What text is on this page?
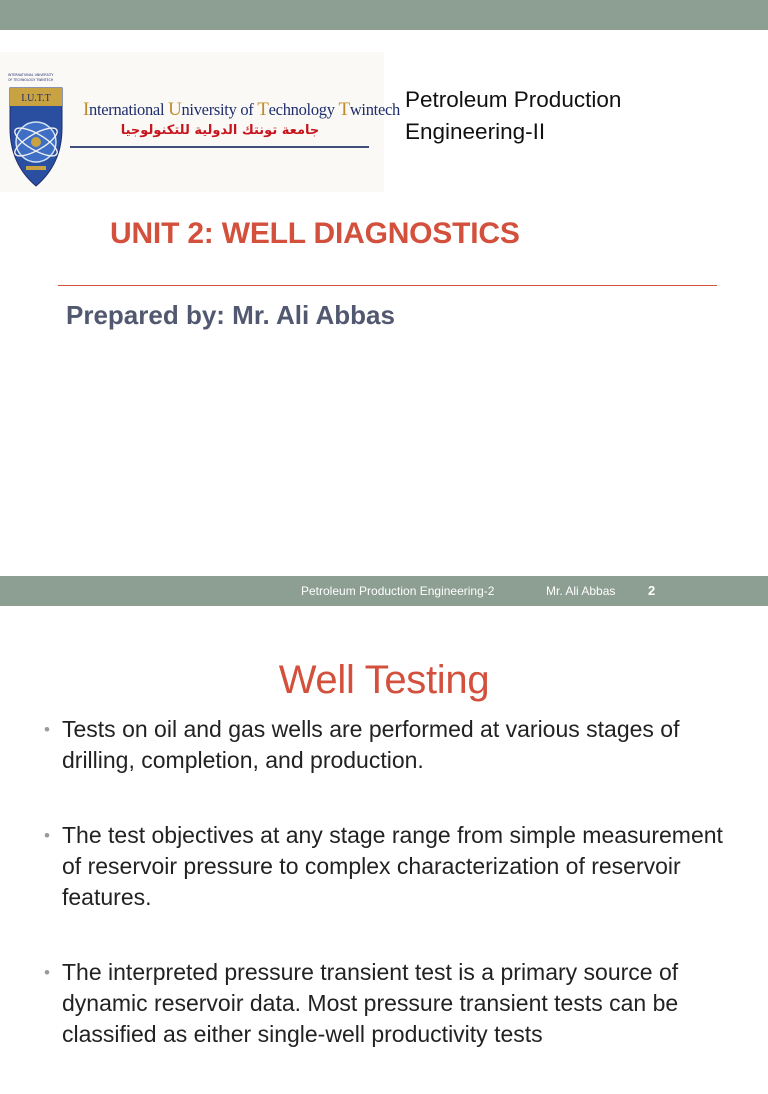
INTERNATIONAL UNIVERSITY
OF TECHNOLOGY TWINTECH
I.U.T.T
International University of Technology Twintech
جامعة تونتك الدولية للتكنولوجيا
Petroleum Production Engineering-II
UNIT 2: WELL DIAGNOSTICS
Prepared by: Mr. Ali Abbas
Petroleum Production Engineering-2	Mr. Ali Abbas	2
Well Testing
• Tests on oil and gas wells are performed at various stages of drilling, completion, and production.
• The test objectives at any stage range from simple measurement of reservoir pressure to complex characterization of reservoir features.
• The interpreted pressure transient test is a primary source of dynamic reservoir data. Most pressure transient tests can be classified as either single-well productivity tests
